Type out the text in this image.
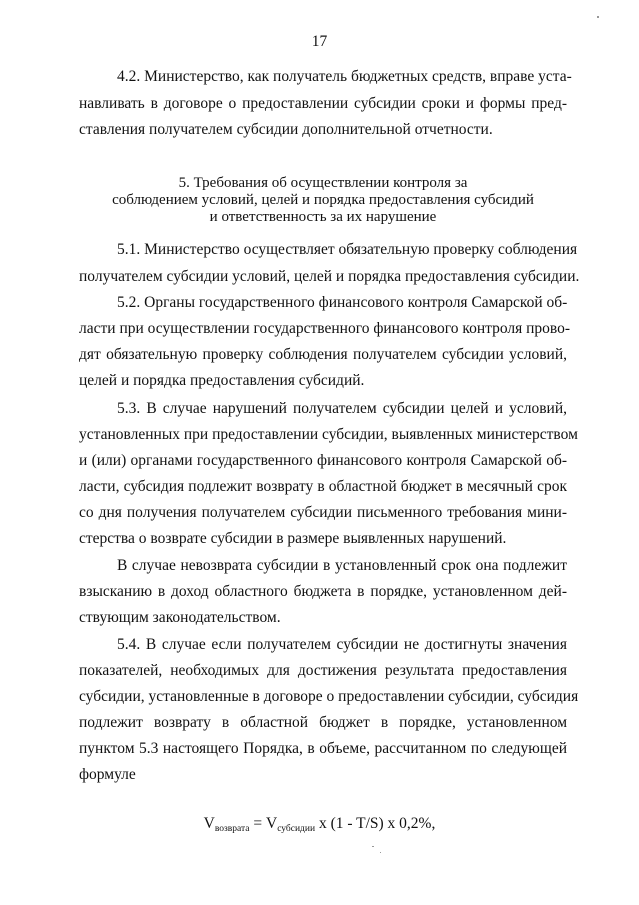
17
4.2. Министерство, как получатель бюджетных средств, вправе уста-
навливать в договоре о предоставлении субсидии сроки и формы пред-
ставления получателем субсидии дополнительной отчетности.
5. Требования об осуществлении контроля за
соблюдением условий, целей и порядка предоставления субсидий
и ответственность за их нарушение
5.1. Министерство осуществляет обязательную проверку соблюдения
получателем субсидии условий, целей и порядка предоставления субсидии.
5.2. Органы государственного финансового контроля Самарской об-
ласти при осуществлении государственного финансового контроля прово-
дят обязательную проверку соблюдения получателем субсидии условий,
целей и порядка предоставления субсидий.
5.3. В случае нарушений получателем субсидии целей и условий,
установленных при предоставлении субсидии, выявленных министерством
и (или) органами государственного финансового контроля Самарской об-
ласти, субсидия подлежит возврату в областной бюджет в месячный срок
со дня получения получателем субсидии письменного требования мини-
стерства о возврате субсидии в размере выявленных нарушений.
В случае невозврата субсидии в установленный срок она подлежит
взысканию в доход областного бюджета в порядке, установленном дей-
ствующим законодательством.
5.4. В случае если получателем субсидии не достигнуты значения
показателей, необходимых для достижения результата предоставления
субсидии, установленные в договоре о предоставлении субсидии, субсидия
подлежит возврату в областной бюджет в порядке, установленном
пунктом 5.3 настоящего Порядка, в объеме, рассчитанном по следующей
формуле
$V_{возврата} = V_{субсидии}$ x (1 - T/S) x 0,2%,
